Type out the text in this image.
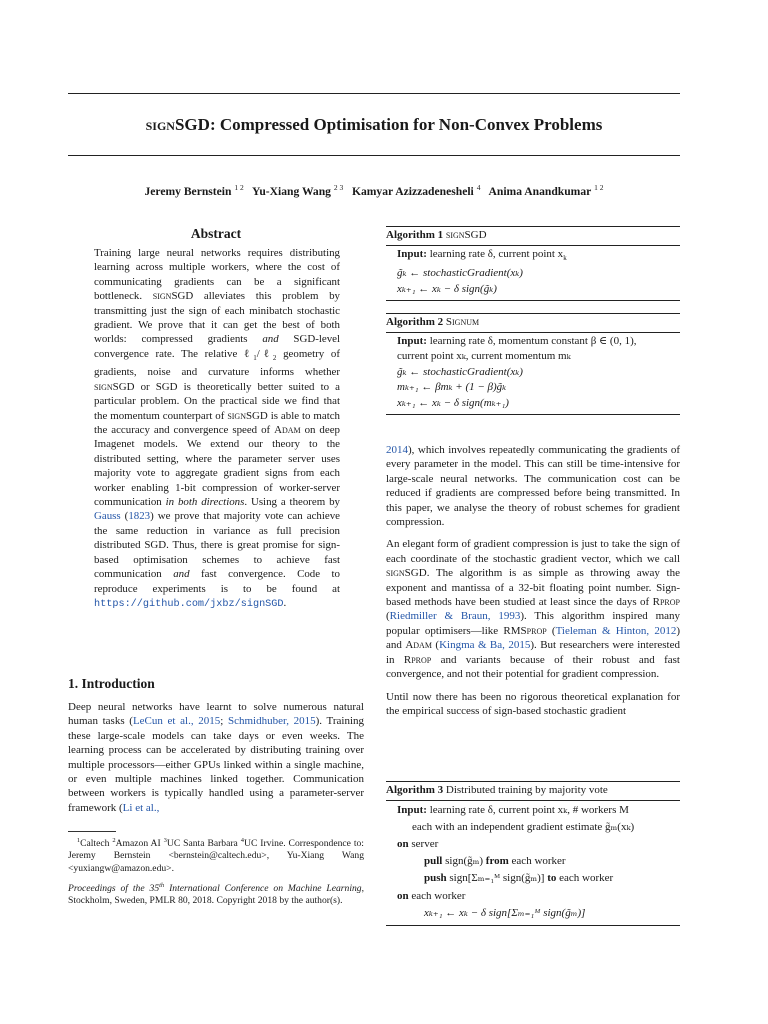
signSGD: Compressed Optimisation for Non-Convex Problems
Jeremy Bernstein $^{1 2}$ Yu-Xiang Wang $^{2 3}$ Kamyar Azizzadenesheli $^4$ Anima Anandkumar $^{1 2}$
Abstract

Training large neural networks requires distributing learning across multiple workers, where the cost of communicating gradients can be a significant bottleneck. signSGD alleviates this problem by transmitting just the sign of each minibatch stochastic gradient. We prove that it can get the best of both worlds: compressed gradients and SGD-level convergence rate. The relative ℓ$_1$/ℓ$_2$ geometry of gradients, noise and curvature informs whether signSGD or SGD is theoretically better suited to a particular problem. On the practical side we find that the momentum counterpart of signSGD is able to match the accuracy and convergence speed of Adam on deep Imagenet models. We extend our theory to the distributed setting, where the parameter server uses majority vote to aggregate gradient signs from each worker enabling 1-bit compression of worker-server communication in both directions. Using a theorem by Gauss (1823) we prove that majority vote can achieve the same reduction in variance as full precision distributed SGD. Thus, there is great promise for sign-based optimisation schemes to achieve fast communication and fast convergence. Code to reproduce experiments is to be found at https://github.com/jxbz/signSGD.

1. Introduction

Deep neural networks have learnt to solve numerous natural human tasks (LeCun et al., 2015; Schmidhuber, 2015). Training these large-scale models can take days or even weeks. The learning process can be accelerated by distributing training over multiple processors—either GPUs linked within a single machine, or even multiple machines linked together. Communication between workers is typically handled using a parameter-server framework (Li et al.,

$^1$Caltech $^2$Amazon AI $^3$UC Santa Barbara $^4$UC Irvine. Correspondence to: Jeremy Bernstein <bernstein@caltech.edu>, Yu-Xiang Wang <yuxiangw@amazon.edu>.
Proceedings of the 35th International Conference on Machine Learning, Stockholm, Sweden, PMLR 80, 2018. Copyright 2018 by the author(s).
Algorithm 1 signSGD
Input: learning rate δ, current point $x_k$
g̃ₖ ← stochasticGradient(xₖ)
xₖ₊₁ ← xₖ − δ sign(g̃ₖ)
Algorithm 2 Signum
Input: learning rate δ, momentum constant β ∈ (0, 1),
current point xₖ, current momentum mₖ
g̃ₖ ← stochasticGradient(xₖ)
mₖ₊₁ ← βmₖ + (1 − β)g̃ₖ
xₖ₊₁ ← xₖ − δ sign(mₖ₊₁)

2014), which involves repeatedly communicating the gradients of every parameter in the model. This can still be time-intensive for large-scale neural networks. The communication cost can be reduced if gradients are compressed before being transmitted. In this paper, we analyse the theory of robust schemes for gradient compression.

An elegant form of gradient compression is just to take the sign of each coordinate of the stochastic gradient vector, which we call signSGD. The algorithm is as simple as throwing away the exponent and mantissa of a 32-bit floating point number. Sign-based methods have been studied at least since the days of Rprop (Riedmiller & Braun, 1993). This algorithm inspired many popular optimisers—like RMSprop (Tieleman & Hinton, 2012) and Adam (Kingma & Ba, 2015). But researchers were interested in Rprop and variants because of their robust and fast convergence, and not their potential for gradient compression.

Until now there has been no rigorous theoretical explanation for the empirical success of sign-based stochastic gradient

Algorithm 3 Distributed training by majority vote
Input: learning rate δ, current point xₖ, # workers M
each with an independent gradient estimate g̃ₘ(xₖ)
on server
pull sign(g̃ₘ) from each worker
push sign[Σₘ₌₁ᴹ sign(g̃ₘ)] to each worker
on each worker
xₖ₊₁ ← xₖ − δ sign[Σₘ₌₁ᴹ sign(g̃ₘ)]
